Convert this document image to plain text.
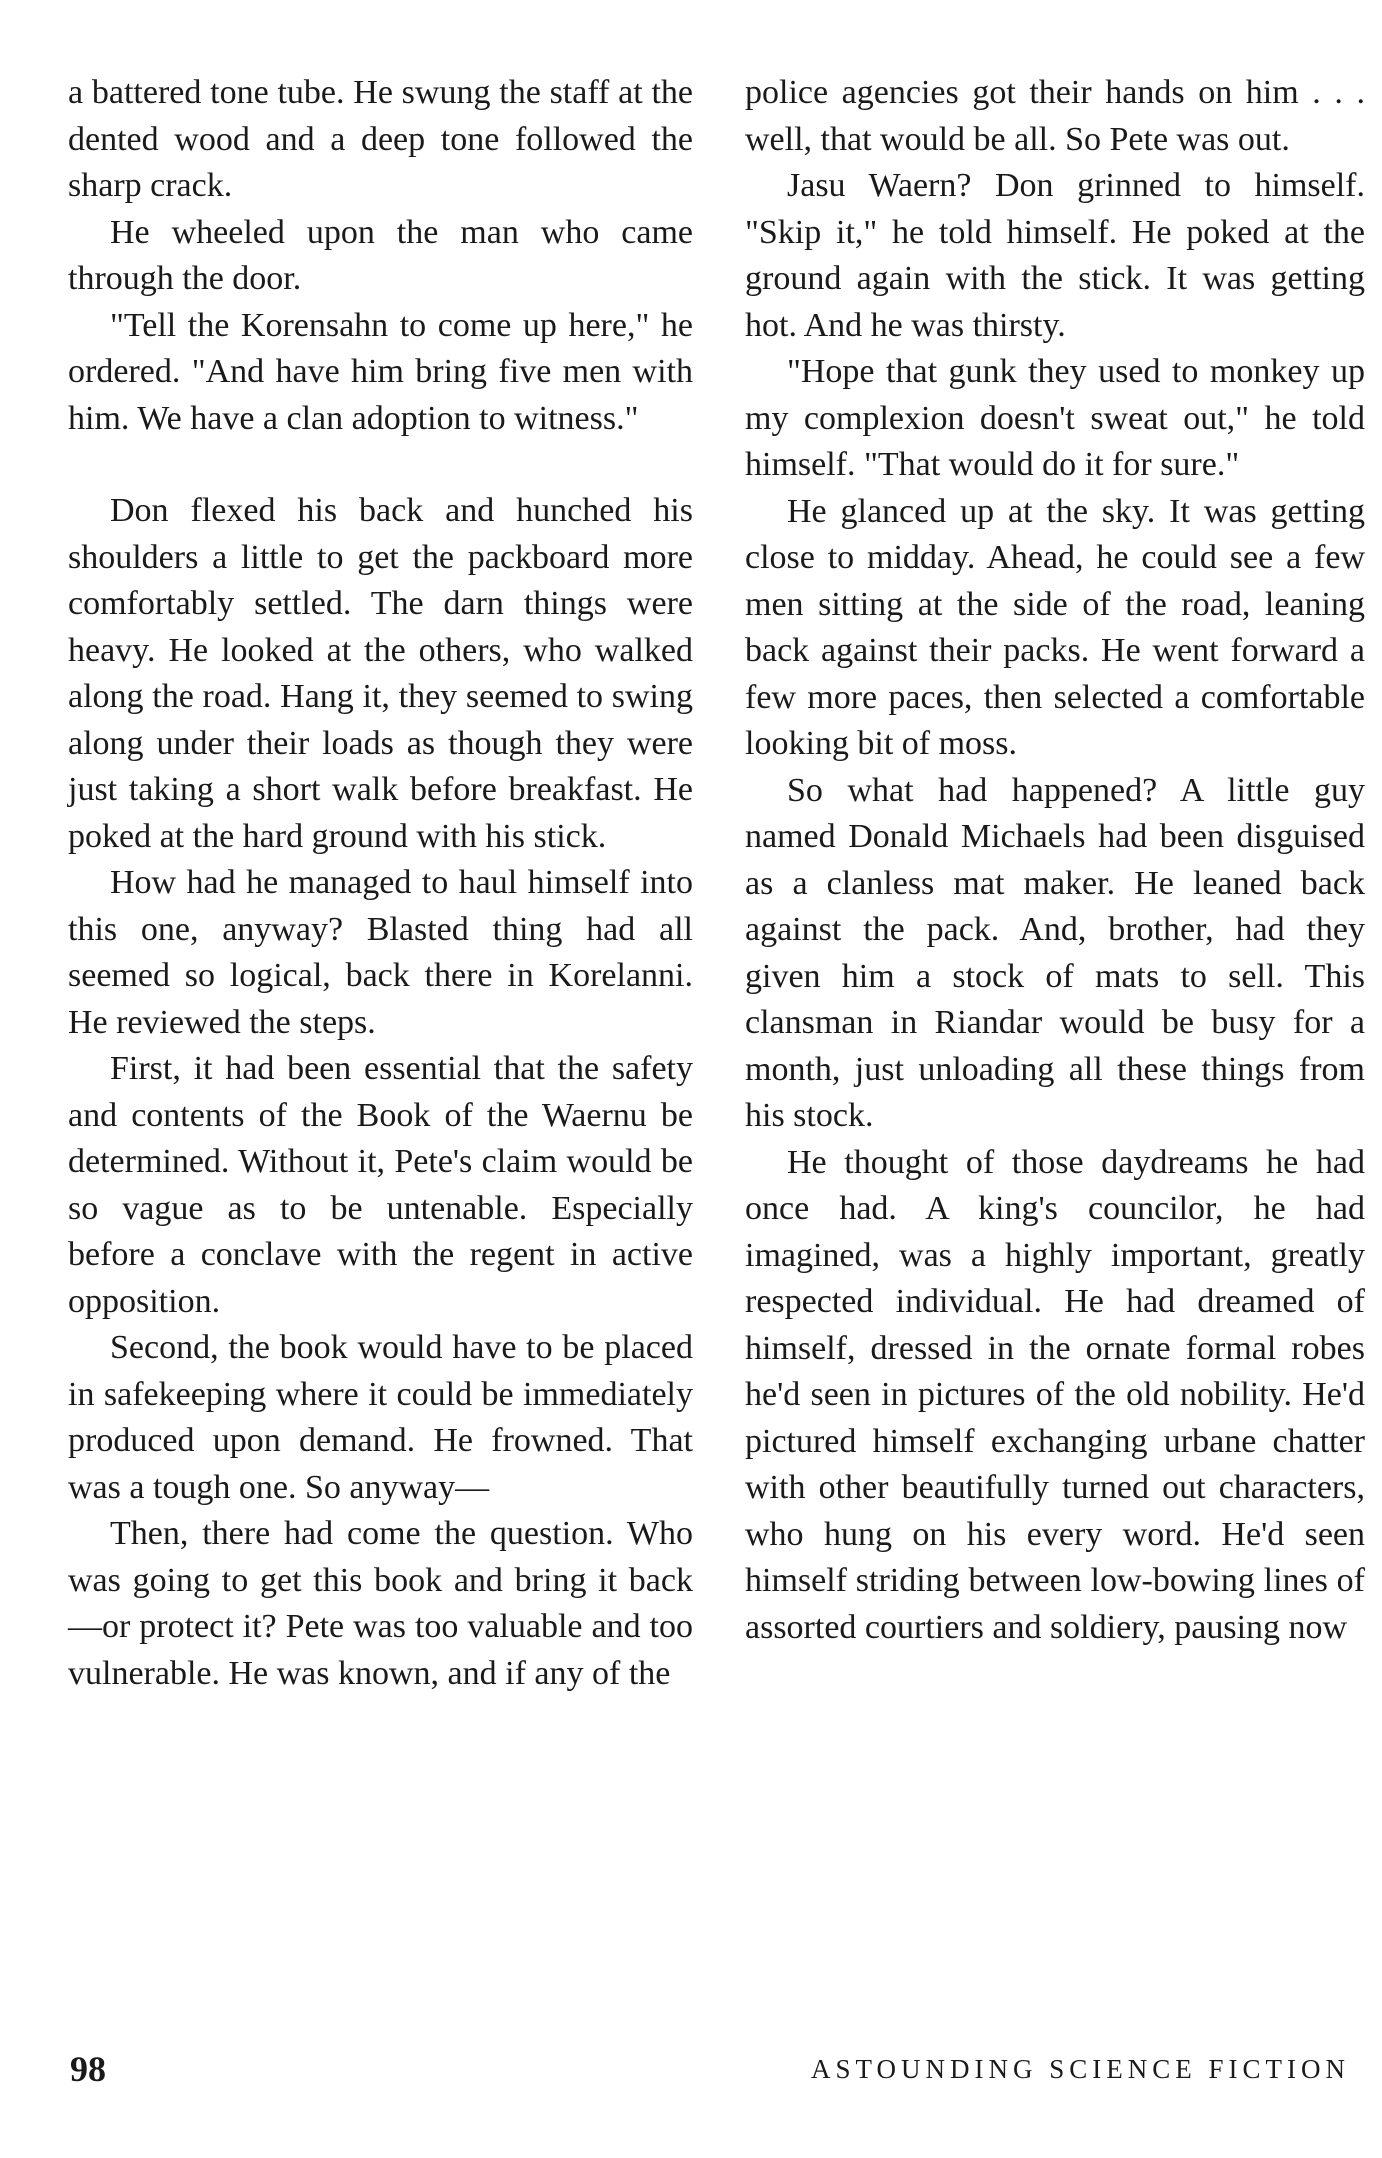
a battered tone tube. He swung the staff at the dented wood and a deep tone followed the sharp crack.

He wheeled upon the man who came through the door.

"Tell the Korensahn to come up here," he ordered. "And have him bring five men with him. We have a clan adoption to witness."

Don flexed his back and hunched his shoulders a little to get the packboard more comfortably settled. The darn things were heavy. He looked at the others, who walked along the road. Hang it, they seemed to swing along under their loads as though they were just taking a short walk before breakfast. He poked at the hard ground with his stick.

How had he managed to haul himself into this one, anyway? Blasted thing had all seemed so logical, back there in Korelanni. He reviewed the steps.

First, it had been essential that the safety and contents of the Book of the Waernu be determined. Without it, Pete's claim would be so vague as to be untenable. Especially before a conclave with the regent in active opposition.

Second, the book would have to be placed in safekeeping where it could be immediately produced upon demand. He frowned. That was a tough one. So anyway—

Then, there had come the question. Who was going to get this book and bring it back—or protect it? Pete was too valuable and too vulnerable. He was known, and if any of the

police agencies got their hands on him . . . well, that would be all. So Pete was out.

Jasu Waern? Don grinned to himself. "Skip it," he told himself. He poked at the ground again with the stick. It was getting hot. And he was thirsty.

"Hope that gunk they used to monkey up my complexion doesn't sweat out," he told himself. "That would do it for sure."

He glanced up at the sky. It was getting close to midday. Ahead, he could see a few men sitting at the side of the road, leaning back against their packs. He went forward a few more paces, then selected a comfortable looking bit of moss.

So what had happened? A little guy named Donald Michaels had been disguised as a clanless mat maker. He leaned back against the pack. And, brother, had they given him a stock of mats to sell. This clansman in Riandar would be busy for a month, just unloading all these things from his stock.

He thought of those daydreams he had once had. A king's councilor, he had imagined, was a highly important, greatly respected individual. He had dreamed of himself, dressed in the ornate formal robes he'd seen in pictures of the old nobility. He'd pictured himself exchanging urbane chatter with other beautifully turned out characters, who hung on his every word. He'd seen himself striding between low-bowing lines of assorted courtiers and soldiery, pausing now

98	ASTOUNDING SCIENCE FICTION
